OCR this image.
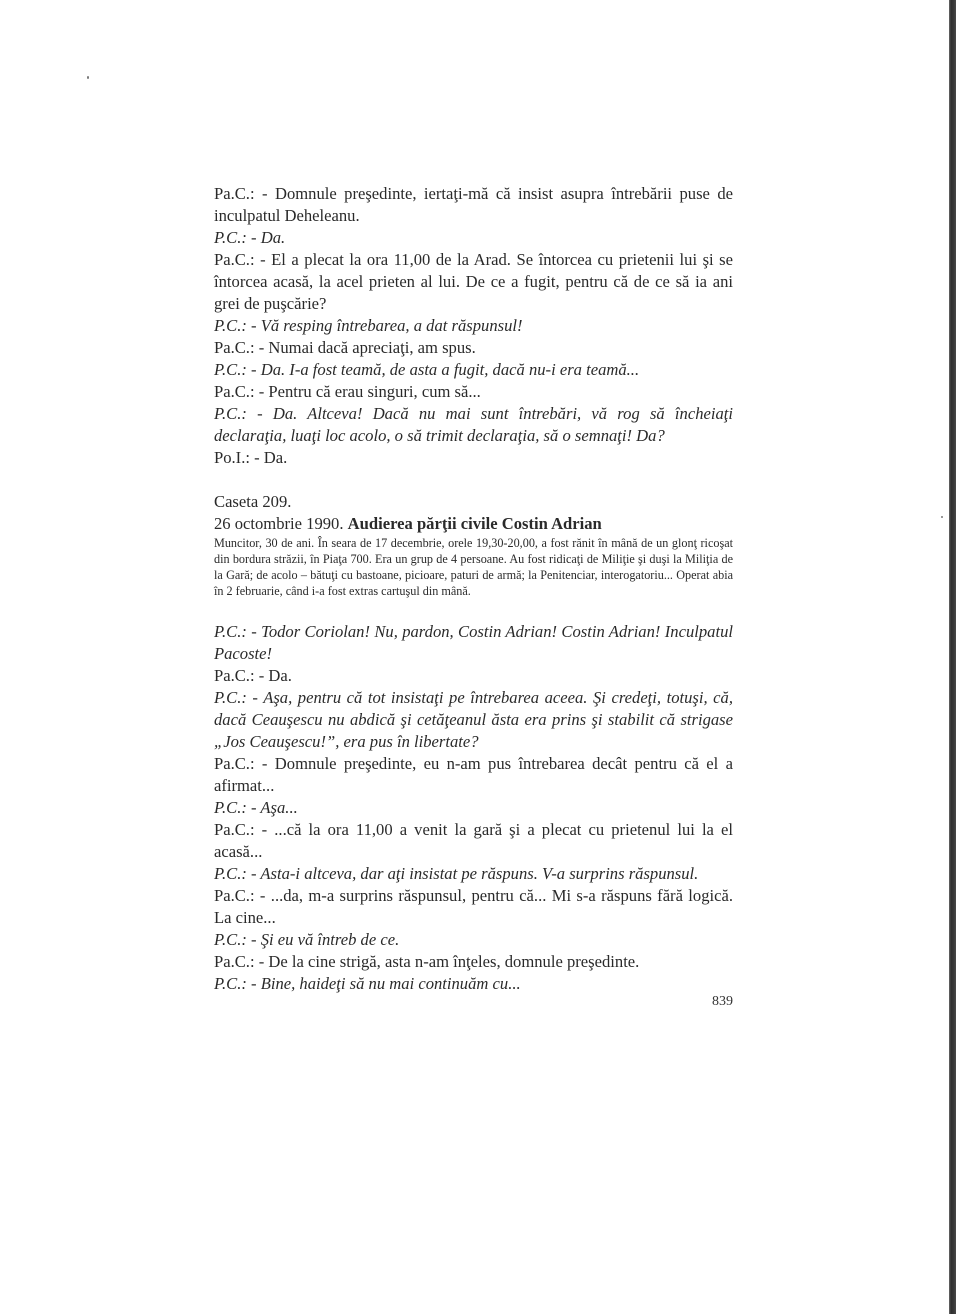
Pa.C.: - Domnule preşedinte, iertaţi-mă că insist asupra întrebării puse de inculpatul Deheleanu.

P.C.: - Da.

Pa.C.: - El a plecat la ora 11,00 de la Arad. Se întorcea cu prietenii lui şi se întorcea acasă, la acel prieten al lui. De ce a fugit, pentru că de ce să ia ani grei de puşcărie?

P.C.: - Vă resping întrebarea, a dat răspunsul!

Pa.C.: - Numai dacă apreciaţi, am spus.

P.C.: - Da. I-a fost teamă, de asta a fugit, dacă nu-i era teamă...

Pa.C.: - Pentru că erau singuri, cum să...

P.C.: - Da. Altceva! Dacă nu mai sunt întrebări, vă rog să încheiaţi declaraţia, luaţi loc acolo, o să trimit declaraţia, să o semnaţi! Da?

Po.I.: - Da.

Caseta 209.

26 octombrie 1990. Audierea părţii civile Costin Adrian

Muncitor, 30 de ani. În seara de 17 decembrie, orele 19,30-20,00, a fost rănit în mână de un glonţ ricoşat din bordura străzii, în Piaţa 700. Era un grup de 4 persoane. Au fost ridicaţi de Miliţie şi duşi la Miliţia de la Gară; de acolo – bătuţi cu bastoane, picioare, paturi de armă; la Penitenciar, interogatoriu... Operat abia în 2 februarie, când i-a fost extras cartuşul din mână.

P.C.: - Todor Coriolan! Nu, pardon, Costin Adrian! Costin Adrian! Inculpatul Pacoste!

Pa.C.: - Da.

P.C.: - Aşa, pentru că tot insistaţi pe întrebarea aceea. Şi credeţi, totuşi, că, dacă Ceauşescu nu abdică şi cetăţeanul ăsta era prins şi stabilit că strigase „Jos Ceauşescu!”, era pus în libertate?

Pa.C.: - Domnule preşedinte, eu n-am pus întrebarea decât pentru că el a afirmat...

P.C.: - Aşa...

Pa.C.: - ...că la ora 11,00 a venit la gară şi a plecat cu prietenul lui la el acasă...

P.C.: - Asta-i altceva, dar aţi insistat pe răspuns. V-a surprins răspunsul.

Pa.C.: - ...da, m-a surprins răspunsul, pentru că... Mi s-a răspuns fără logică. La cine...

P.C.: - Şi eu vă întreb de ce.

Pa.C.: - De la cine strigă, asta n-am înţeles, domnule preşedinte.

P.C.: - Bine, haideţi să nu mai continuăm cu...

839
